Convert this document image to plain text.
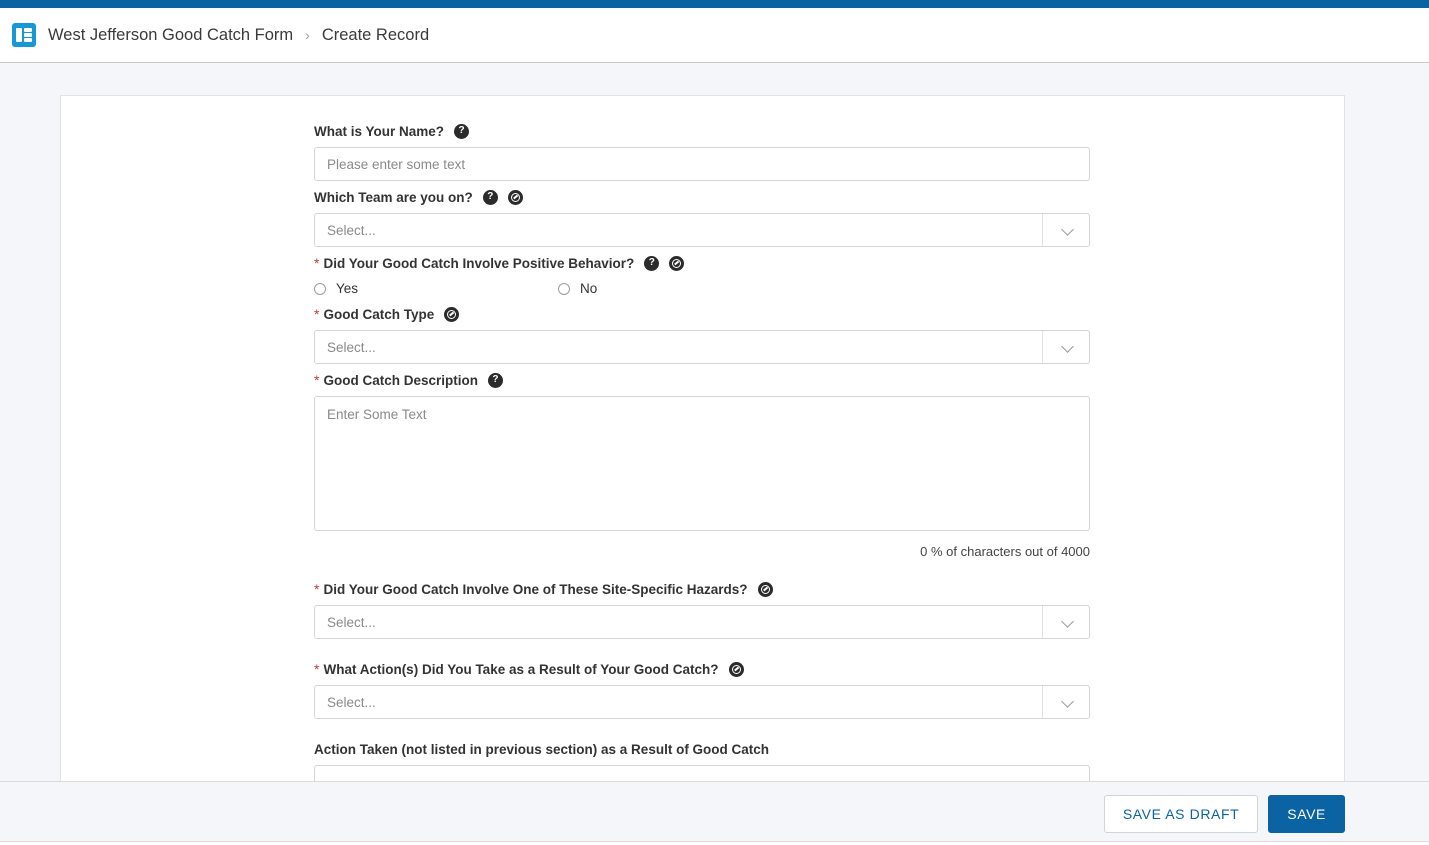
West Jefferson Good Catch Form › Create Record
What is Your Name?	?
Please enter some text
Which Team are you on?	?
Select...
* Did Your Good Catch Involve Positive Behavior?	?
Yes	No
* Good Catch Type
Select...
* Good Catch Description	?
Enter Some Text
0 % of characters out of 4000
* Did Your Good Catch Involve One of These Site-Specific Hazards?
Select...
* What Action(s) Did You Take as a Result of Your Good Catch?
Select...
Action Taken (not listed in previous section) as a Result of Good Catch
SAVE AS DRAFT	SAVE
